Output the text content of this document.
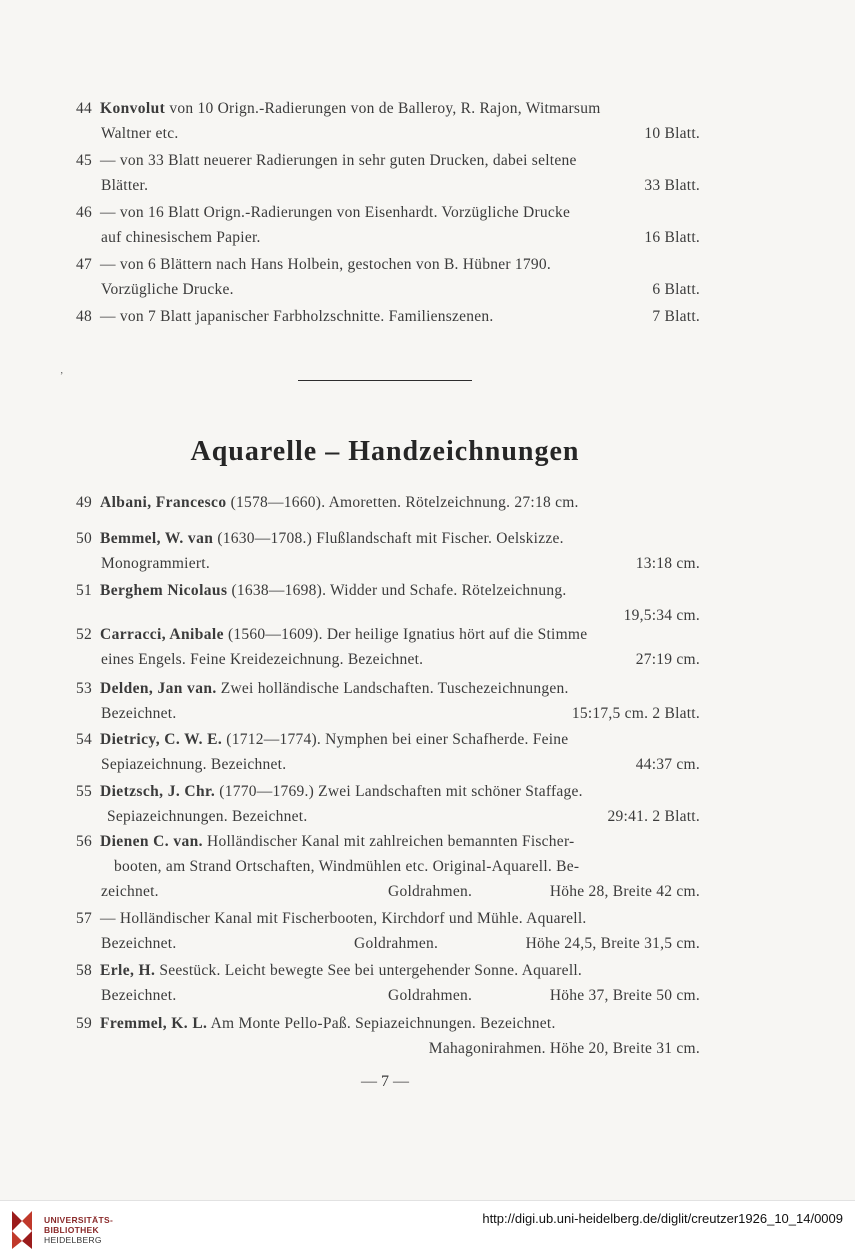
44 Konvolut von 10 Orign.-Radierungen von de Balleroy, R. Rajon, Witmarsum
Waltner etc.	10 Blatt.
45 — von 33 Blatt neuerer Radierungen in sehr guten Drucken, dabei seltene
Blätter.	33 Blatt.
46 — von 16 Blatt Orign.-Radierungen von Eisenhardt. Vorzügliche Drucke
auf chinesischem Papier.	16 Blatt.
47 — von 6 Blättern nach Hans Holbein, gestochen von B. Hübner 1790.
Vorzügliche Drucke.	6 Blatt.
48 — von 7 Blatt japanischer Farbholzschnitte. Familienszenen.	7 Blatt.
‚
Aquarelle – Handzeichnungen
49 Albani, Francesco (1578—1660). Amoretten. Rötelzeichnung. 27:18 cm.
50 Bemmel, W. van (1630—1708.) Flußlandschaft mit Fischer. Oelskizze.
Monogrammiert.	13:18 cm.
51 Berghem Nicolaus (1638—1698). Widder und Schafe. Rötelzeichnung.
19,5:34 cm.
52 Carracci, Anibale (1560—1609). Der heilige Ignatius hört auf die Stimme
eines Engels. Feine Kreidezeichnung. Bezeichnet.	27:19 cm.
53 Delden, Jan van. Zwei holländische Landschaften. Tuschezeichnungen.
Bezeichnet.	15:17,5 cm. 2 Blatt.
54 Dietricy, C. W. E. (1712—1774). Nymphen bei einer Schafherde. Feine
Sepiazeichnung. Bezeichnet.	44:37 cm.
55 Dietzsch, J. Chr. (1770—1769.) Zwei Landschaften mit schöner Staffage.
Sepiazeichnungen. Bezeichnet.	29:41. 2 Blatt.
56 Dienen C. van. Holländischer Kanal mit zahlreichen bemannten Fischer-
booten, am Strand Ortschaften, Windmühlen etc. Original-Aquarell. Be-
zeichnet.	Goldrahmen.	Höhe 28, Breite 42 cm.
57 — Holländischer Kanal mit Fischerbooten, Kirchdorf und Mühle. Aquarell.
Bezeichnet.	Goldrahmen.	Höhe 24,5, Breite 31,5 cm.
58 Erle, H. Seestück. Leicht bewegte See bei untergehender Sonne. Aquarell.
Bezeichnet.	Goldrahmen.	Höhe 37, Breite 50 cm.
59 Fremmel, K. L. Am Monte Pello-Paß. Sepiazeichnungen. Bezeichnet.
Mahagonirahmen. Höhe 20, Breite 31 cm.
— 7 —
UNIVERSITÄTS-
BIBLIOTHEK
HEIDELBERG
http://digi.ub.uni-heidelberg.de/diglit/creutzer1926_10_14/0009
